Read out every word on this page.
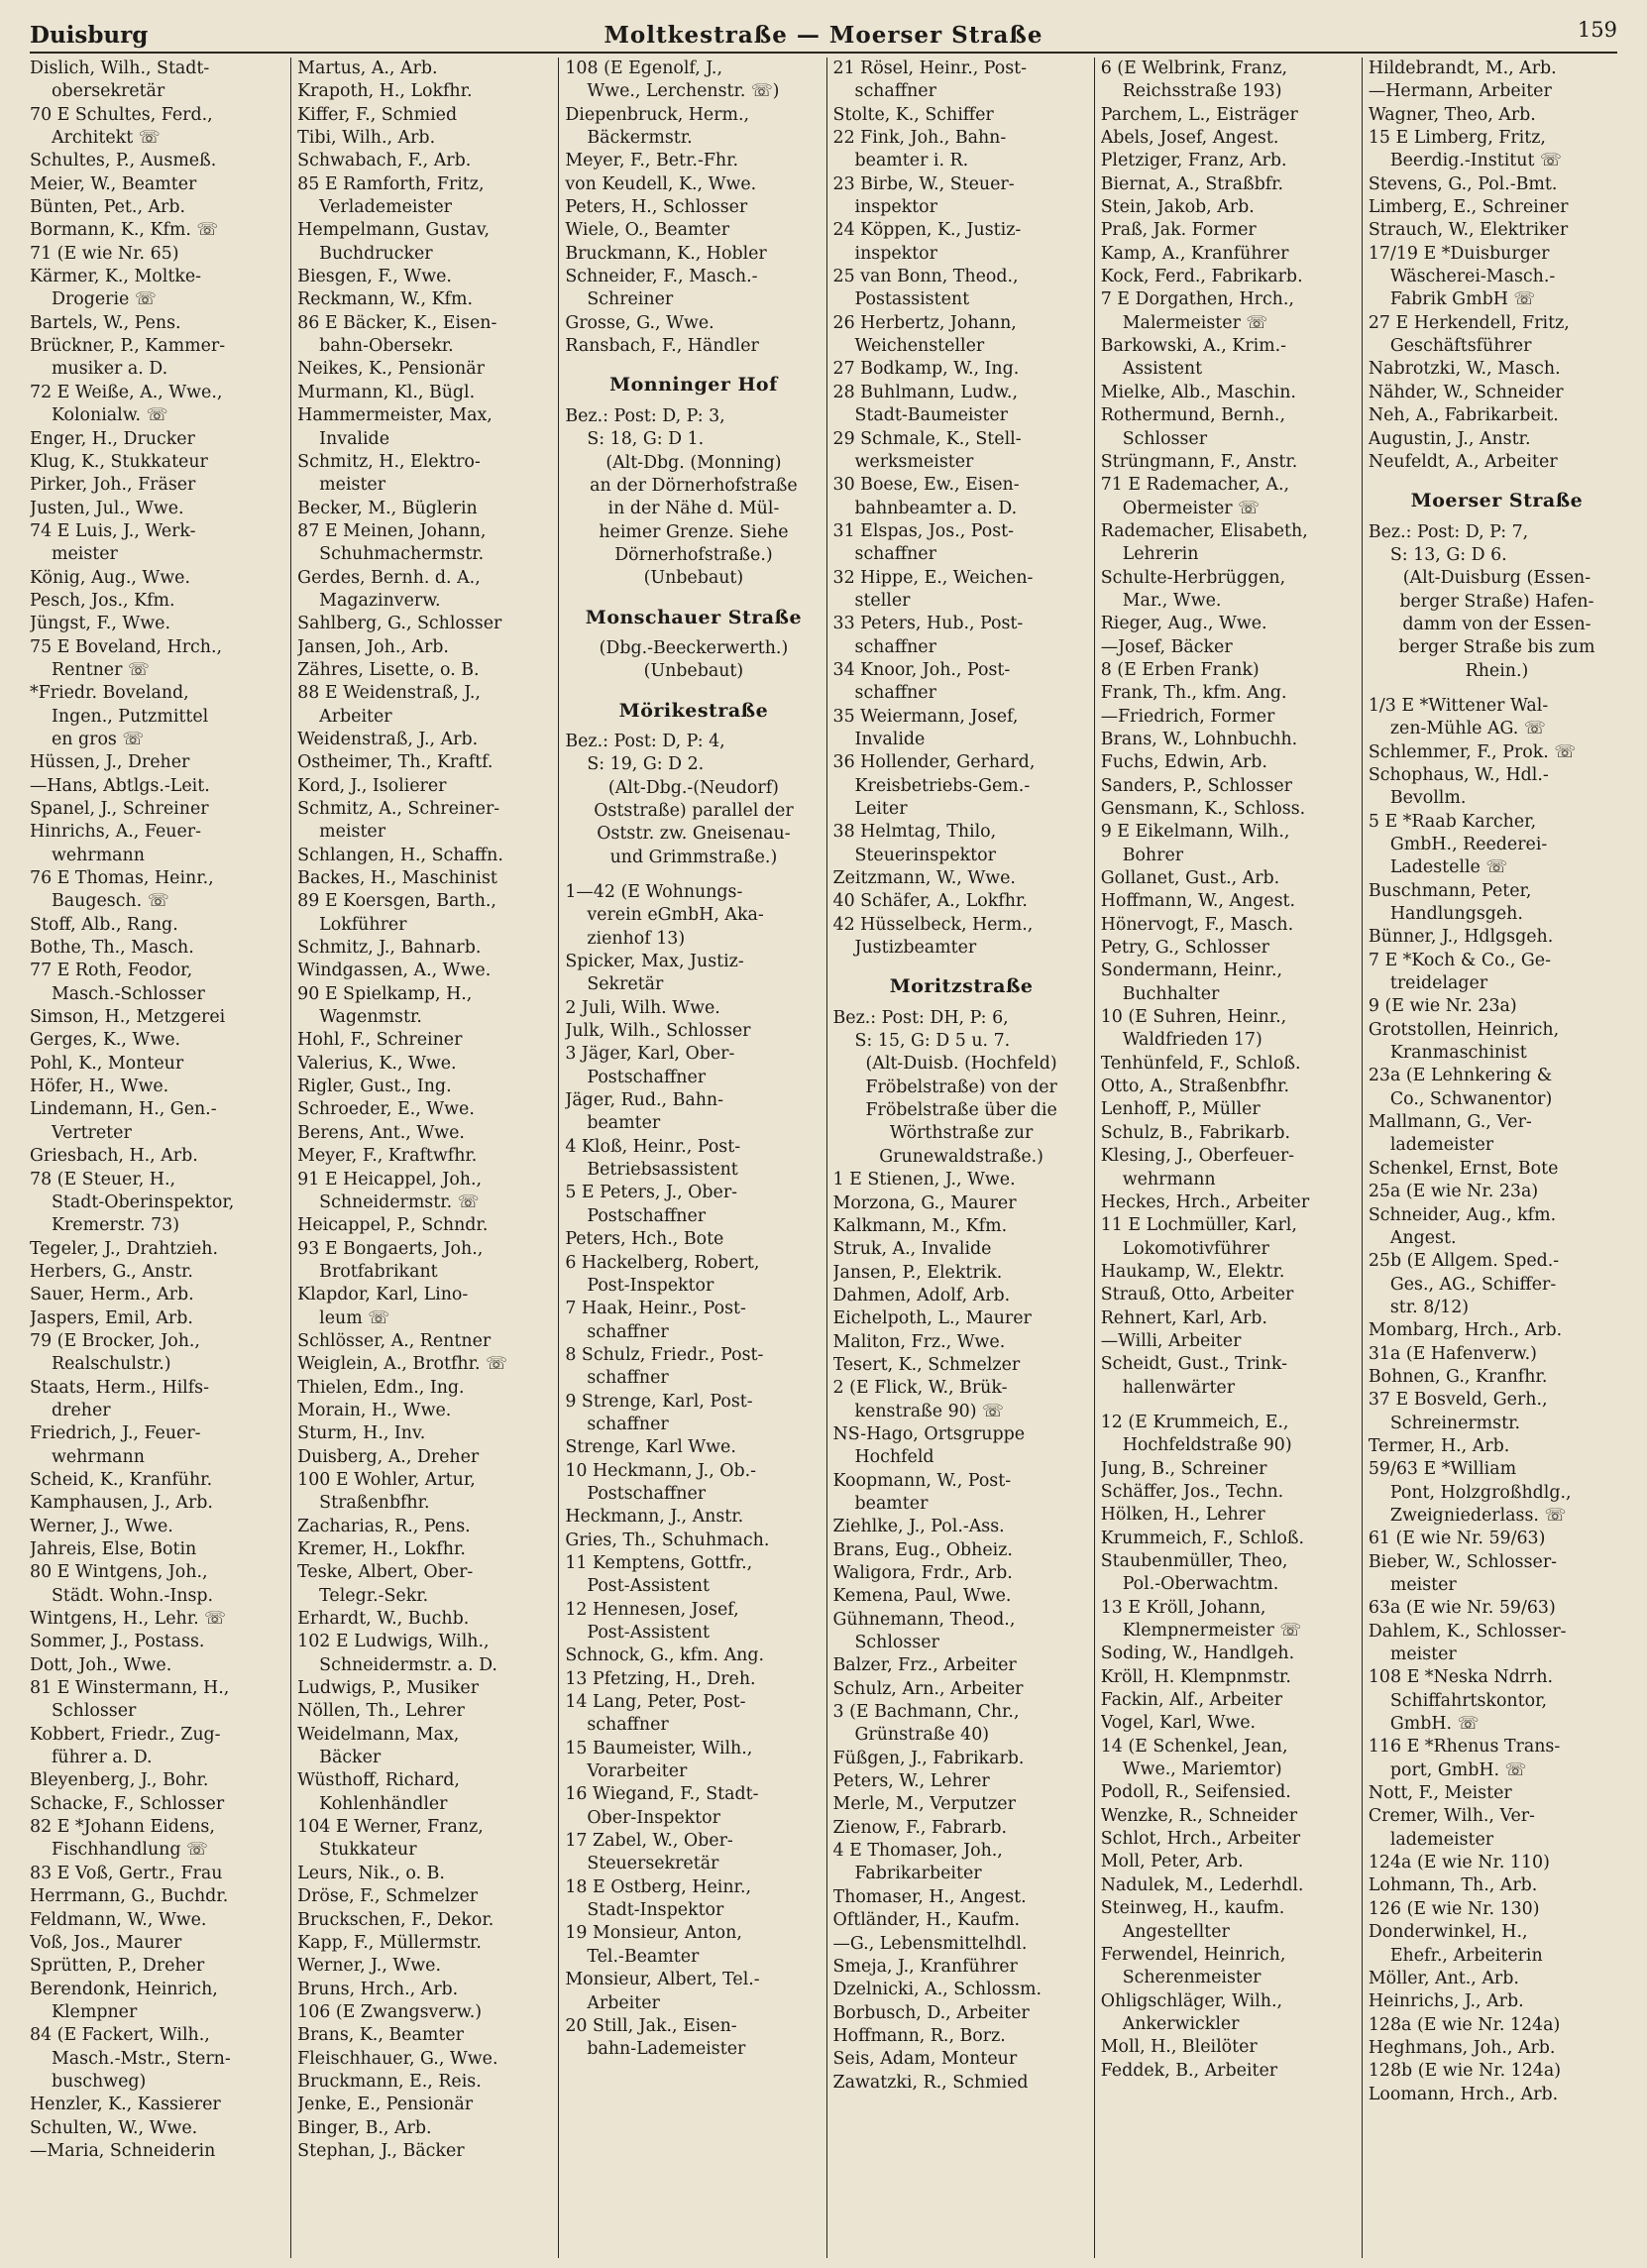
Duisburg	Moltkestraße — Moerser Straße	159
Dislich, Wilh., Stadt-
obersekretär
70 E Schultes, Ferd.,
Architekt ☏
Schultes, P., Ausmeß.
Meier, W., Beamter
Bünten, Pet., Arb.
Bormann, K., Kfm. ☏
71 (E wie Nr. 65)
Kärmer, K., Moltke-
Drogerie ☏
Bartels, W., Pens.
Brückner, P., Kammer-
musiker a. D.
72 E Weiße, A., Wwe.,
Kolonialw. ☏
Enger, H., Drucker
Klug, K., Stukkateur
Pirker, Joh., Fräser
Justen, Jul., Wwe.
74 E Luis, J., Werk-
meister
König, Aug., Wwe.
Pesch, Jos., Kfm.
Jüngst, F., Wwe.
75 E Boveland, Hrch.,
Rentner ☏
*Friedr. Boveland,
Ingen., Putzmittel
en gros ☏
Hüssen, J., Dreher
—Hans, Abtlgs.-Leit.
Spanel, J., Schreiner
Hinrichs, A., Feuer-
wehrmann
76 E Thomas, Heinr.,
Baugesch. ☏
Stoff, Alb., Rang.
Bothe, Th., Masch.
77 E Roth, Feodor,
Masch.-Schlosser
Simson, H., Metzgerei
Gerges, K., Wwe.
Pohl, K., Monteur
Höfer, H., Wwe.
Lindemann, H., Gen.-
Vertreter
Griesbach, H., Arb.
78 (E Steuer, H.,
Stadt-Oberinspektor,
Kremerstr. 73)
Tegeler, J., Drahtzieh.
Herbers, G., Anstr.
Sauer, Herm., Arb.
Jaspers, Emil, Arb.
79 (E Brocker, Joh.,
Realschulstr.)
Staats, Herm., Hilfs-
dreher
Friedrich, J., Feuer-
wehrmann
Scheid, K., Kranführ.
Kamphausen, J., Arb.
Werner, J., Wwe.
Jahreis, Else, Botin
80 E Wintgens, Joh.,
Städt. Wohn.-Insp.
Wintgens, H., Lehr. ☏
Sommer, J., Postass.
Dott, Joh., Wwe.
81 E Winstermann, H.,
Schlosser
Kobbert, Friedr., Zug-
führer a. D.
Bleyenberg, J., Bohr.
Schacke, F., Schlosser
82 E *Johann Eidens,
Fischhandlung ☏
83 E Voß, Gertr., Frau
Herrmann, G., Buchdr.
Feldmann, W., Wwe.
Voß, Jos., Maurer
Sprütten, P., Dreher
Berendonk, Heinrich,
Klempner
84 (E Fackert, Wilh.,
Masch.-Mstr., Stern-
buschweg)
Henzler, K., Kassierer
Schulten, W., Wwe.
—Maria, Schneiderin
Martus, A., Arb.
Krapoth, H., Lokfhr.
Kiffer, F., Schmied
Tibi, Wilh., Arb.
Schwabach, F., Arb.
85 E Ramforth, Fritz,
Verlademeister
Hempelmann, Gustav,
Buchdrucker
Biesgen, F., Wwe.
Reckmann, W., Kfm.
86 E Bäcker, K., Eisen-
bahn-Obersekr.
Neikes, K., Pensionär
Murmann, Kl., Bügl.
Hammermeister, Max,
Invalide
Schmitz, H., Elektro-
meister
Becker, M., Büglerin
87 E Meinen, Johann,
Schuhmachermstr.
Gerdes, Bernh. d. A.,
Magazinverw.
Sahlberg, G., Schlosser
Jansen, Joh., Arb.
Zähres, Lisette, o. B.
88 E Weidenstraß, J.,
Arbeiter
Weidenstraß, J., Arb.
Ostheimer, Th., Kraftf.
Kord, J., Isolierer
Schmitz, A., Schreiner-
meister
Schlangen, H., Schaffn.
Backes, H., Maschinist
89 E Koersgen, Barth.,
Lokführer
Schmitz, J., Bahnarb.
Windgassen, A., Wwe.
90 E Spielkamp, H.,
Wagenmstr.
Hohl, F., Schreiner
Valerius, K., Wwe.
Rigler, Gust., Ing.
Schroeder, E., Wwe.
Berens, Ant., Wwe.
Meyer, F., Kraftwfhr.
91 E Heicappel, Joh.,
Schneidermstr. ☏
Heicappel, P., Schndr.
93 E Bongaerts, Joh.,
Brotfabrikant
Klapdor, Karl, Lino-
leum ☏
Schlösser, A., Rentner
Weiglein, A., Brotfhr. ☏
Thielen, Edm., Ing.
Morain, H., Wwe.
Sturm, H., Inv.
Duisberg, A., Dreher
100 E Wohler, Artur,
Straßenbfhr.
Zacharias, R., Pens.
Kremer, H., Lokfhr.
Teske, Albert, Ober-
Telegr.-Sekr.
Erhardt, W., Buchb.
102 E Ludwigs, Wilh.,
Schneidermstr. a. D.
Ludwigs, P., Musiker
Nöllen, Th., Lehrer
Weidelmann, Max,
Bäcker
Wüsthoff, Richard,
Kohlenhändler
104 E Werner, Franz,
Stukkateur
Leurs, Nik., o. B.
Dröse, F., Schmelzer
Bruckschen, F., Dekor.
Kapp, F., Müllermstr.
Werner, J., Wwe.
Bruns, Hrch., Arb.
106 (E Zwangsverw.)
Brans, K., Beamter
Fleischhauer, G., Wwe.
Bruckmann, E., Reis.
Jenke, E., Pensionär
Binger, B., Arb.
Stephan, J., Bäcker
108 (E Egenolf, J.,
Wwe., Lerchenstr. ☏)
Diepenbruck, Herm.,
Bäckermstr.
Meyer, F., Betr.-Fhr.
von Keudell, K., Wwe.
Peters, H., Schlosser
Wiele, O., Beamter
Bruckmann, K., Hobler
Schneider, F., Masch.-
Schreiner
Grosse, G., Wwe.
Ransbach, F., Händler
Monninger Hof
Bez.: Post: D, P: 3,
S: 18, G: D 1.
(Alt-Dbg. (Monning)
an der Dörnerhofstraße
in der Nähe d. Mül-
heimer Grenze. Siehe
Dörnerhofstraße.)
(Unbebaut)
Monschauer Straße
(Dbg.-Beeckerwerth.)
(Unbebaut)
Mörikestraße
Bez.: Post: D, P: 4,
S: 19, G: D 2.
(Alt-Dbg.-(Neudorf)
Oststraße) parallel der
Oststr. zw. Gneisenau-
und Grimmstraße.)
1—42 (E Wohnungs-
verein eGmbH, Aka-
zienhof 13)
Spicker, Max, Justiz-
Sekretär
2 Juli, Wilh. Wwe.
Julk, Wilh., Schlosser
3 Jäger, Karl, Ober-
Postschaffner
Jäger, Rud., Bahn-
beamter
4 Kloß, Heinr., Post-
Betriebsassistent
5 E Peters, J., Ober-
Postschaffner
Peters, Hch., Bote
6 Hackelberg, Robert,
Post-Inspektor
7 Haak, Heinr., Post-
schaffner
8 Schulz, Friedr., Post-
schaffner
9 Strenge, Karl, Post-
schaffner
Strenge, Karl Wwe.
10 Heckmann, J., Ob.-
Postschaffner
Heckmann, J., Anstr.
Gries, Th., Schuhmach.
11 Kemptens, Gottfr.,
Post-Assistent
12 Hennesen, Josef,
Post-Assistent
Schnock, G., kfm. Ang.
13 Pfetzing, H., Dreh.
14 Lang, Peter, Post-
schaffner
15 Baumeister, Wilh.,
Vorarbeiter
16 Wiegand, F., Stadt-
Ober-Inspektor
17 Zabel, W., Ober-
Steuersekretär
18 E Ostberg, Heinr.,
Stadt-Inspektor
19 Monsieur, Anton,
Tel.-Beamter
Monsieur, Albert, Tel.-
Arbeiter
20 Still, Jak., Eisen-
bahn-Lademeister
21 Rösel, Heinr., Post-
schaffner
Stolte, K., Schiffer
22 Fink, Joh., Bahn-
beamter i. R.
23 Birbe, W., Steuer-
inspektor
24 Köppen, K., Justiz-
inspektor
25 van Bonn, Theod.,
Postassistent
26 Herbertz, Johann,
Weichensteller
27 Bodkamp, W., Ing.
28 Buhlmann, Ludw.,
Stadt-Baumeister
29 Schmale, K., Stell-
werksmeister
30 Boese, Ew., Eisen-
bahnbeamter a. D.
31 Elspas, Jos., Post-
schaffner
32 Hippe, E., Weichen-
steller
33 Peters, Hub., Post-
schaffner
34 Knoor, Joh., Post-
schaffner
35 Weiermann, Josef,
Invalide
36 Hollender, Gerhard,
Kreisbetriebs-Gem.-
Leiter
38 Helmtag, Thilo,
Steuerinspektor
Zeitzmann, W., Wwe.
40 Schäfer, A., Lokfhr.
42 Hüsselbeck, Herm.,
Justizbeamter
Moritzstraße
Bez.: Post: DH, P: 6,
S: 15, G: D 5 u. 7.
(Alt-Duisb. (Hochfeld)
Fröbelstraße) von der
Fröbelstraße über die
Wörthstraße zur
Grunewaldstraße.)
1 E Stienen, J., Wwe.
Morzona, G., Maurer
Kalkmann, M., Kfm.
Struk, A., Invalide
Jansen, P., Elektrik.
Dahmen, Adolf, Arb.
Eichelpoth, L., Maurer
Maliton, Frz., Wwe.
Tesert, K., Schmelzer
2 (E Flick, W., Brük-
kenstraße 90) ☏
NS-Hago, Ortsgruppe
Hochfeld
Koopmann, W., Post-
beamter
Ziehlke, J., Pol.-Ass.
Brans, Eug., Obheiz.
Waligora, Frdr., Arb.
Kemena, Paul, Wwe.
Gühnemann, Theod.,
Schlosser
Balzer, Frz., Arbeiter
Schulz, Arn., Arbeiter
3 (E Bachmann, Chr.,
Grünstraße 40)
Füßgen, J., Fabrikarb.
Peters, W., Lehrer
Merle, M., Verputzer
Zienow, F., Fabrarb.
4 E Thomaser, Joh.,
Fabrikarbeiter
Thomaser, H., Angest.
Oftländer, H., Kaufm.
—G., Lebensmittelhdl.
Smeja, J., Kranführer
Dzelnicki, A., Schlossm.
Borbusch, D., Arbeiter
Hoffmann, R., Borz.
Seis, Adam, Monteur
Zawatzki, R., Schmied
6 (E Welbrink, Franz,
Reichsstraße 193)
Parchem, L., Eisträger
Abels, Josef, Angest.
Pletziger, Franz, Arb.
Biernat, A., Straßbfr.
Stein, Jakob, Arb.
Praß, Jak. Former
Kamp, A., Kranführer
Kock, Ferd., Fabrikarb.
7 E Dorgathen, Hrch.,
Malermeister ☏
Barkowski, A., Krim.-
Assistent
Mielke, Alb., Maschin.
Rothermund, Bernh.,
Schlosser
Strüngmann, F., Anstr.
71 E Rademacher, A.,
Obermeister ☏
Rademacher, Elisabeth,
Lehrerin
Schulte-Herbrüggen,
Mar., Wwe.
Rieger, Aug., Wwe.
—Josef, Bäcker
8 (E Erben Frank)
Frank, Th., kfm. Ang.
—Friedrich, Former
Brans, W., Lohnbuchh.
Fuchs, Edwin, Arb.
Sanders, P., Schlosser
Gensmann, K., Schloss.
9 E Eikelmann, Wilh.,
Bohrer
Gollanet, Gust., Arb.
Hoffmann, W., Angest.
Hönervogt, F., Masch.
Petry, G., Schlosser
Sondermann, Heinr.,
Buchhalter
10 (E Suhren, Heinr.,
Waldfrieden 17)
Tenhünfeld, F., Schloß.
Otto, A., Straßenbfhr.
Lenhoff, P., Müller
Schulz, B., Fabrikarb.
Klesing, J., Oberfeuer-
wehrmann
Heckes, Hrch., Arbeiter
11 E Lochmüller, Karl,
Lokomotivführer
Haukamp, W., Elektr.
Strauß, Otto, Arbeiter
Rehnert, Karl, Arb.
—Willi, Arbeiter
Scheidt, Gust., Trink-
hallenwärter
12 (E Krummeich, E.,
Hochfeldstraße 90)
Jung, B., Schreiner
Schäffer, Jos., Techn.
Hölken, H., Lehrer
Krummeich, F., Schloß.
Staubenmüller, Theo,
Pol.-Oberwachtm.
13 E Kröll, Johann,
Klempnermeister ☏
Soding, W., Handlgeh.
Kröll, H. Klempnmstr.
Fackin, Alf., Arbeiter
Vogel, Karl, Wwe.
14 (E Schenkel, Jean,
Wwe., Mariemtor)
Podoll, R., Seifensied.
Wenzke, R., Schneider
Schlot, Hrch., Arbeiter
Moll, Peter, Arb.
Nadulek, M., Lederhdl.
Steinweg, H., kaufm.
Angestellter
Ferwendel, Heinrich,
Scherenmeister
Ohligschläger, Wilh.,
Ankerwickler
Moll, H., Bleilöter
Feddek, B., Arbeiter
Hildebrandt, M., Arb.
—Hermann, Arbeiter
Wagner, Theo, Arb.
15 E Limberg, Fritz,
Beerdig.-Institut ☏
Stevens, G., Pol.-Bmt.
Limberg, E., Schreiner
Strauch, W., Elektriker
17/19 E *Duisburger
Wäscherei-Masch.-
Fabrik GmbH ☏
27 E Herkendell, Fritz,
Geschäftsführer
Nabrotzki, W., Masch.
Nähder, W., Schneider
Neh, A., Fabrikarbeit.
Augustin, J., Anstr.
Neufeldt, A., Arbeiter
Moerser Straße
Bez.: Post: D, P: 7,
S: 13, G: D 6.
(Alt-Duisburg (Essen-
berger Straße) Hafen-
damm von der Essen-
berger Straße bis zum
Rhein.)
1/3 E *Wittener Wal-
zen-Mühle AG. ☏
Schlemmer, F., Prok. ☏
Schophaus, W., Hdl.-
Bevollm.
5 E *Raab Karcher,
GmbH., Reederei-
Ladestelle ☏
Buschmann, Peter,
Handlungsgeh.
Bünner, J., Hdlgsgeh.
7 E *Koch & Co., Ge-
treidelager
9 (E wie Nr. 23a)
Grotstollen, Heinrich,
Kranmaschinist
23a (E Lehnkering &
Co., Schwanentor)
Mallmann, G., Ver-
lademeister
Schenkel, Ernst, Bote
25a (E wie Nr. 23a)
Schneider, Aug., kfm.
Angest.
25b (E Allgem. Sped.-
Ges., AG., Schiffer-
str. 8/12)
Mombarg, Hrch., Arb.
31a (E Hafenverw.)
Bohnen, G., Kranfhr.
37 E Bosveld, Gerh.,
Schreinermstr.
Termer, H., Arb.
59/63 E *William
Pont, Holzgroßhdlg.,
Zweigniederlass. ☏
61 (E wie Nr. 59/63)
Bieber, W., Schlosser-
meister
63a (E wie Nr. 59/63)
Dahlem, K., Schlosser-
meister
108 E *Neska Ndrrh.
Schiffahrtskontor,
GmbH. ☏
116 E *Rhenus Trans-
port, GmbH. ☏
Nott, F., Meister
Cremer, Wilh., Ver-
lademeister
124a (E wie Nr. 110)
Lohmann, Th., Arb.
126 (E wie Nr. 130)
Donderwinkel, H.,
Ehefr., Arbeiterin
Möller, Ant., Arb.
Heinrichs, J., Arb.
128a (E wie Nr. 124a)
Heghmans, Joh., Arb.
128b (E wie Nr. 124a)
Loomann, Hrch., Arb.
